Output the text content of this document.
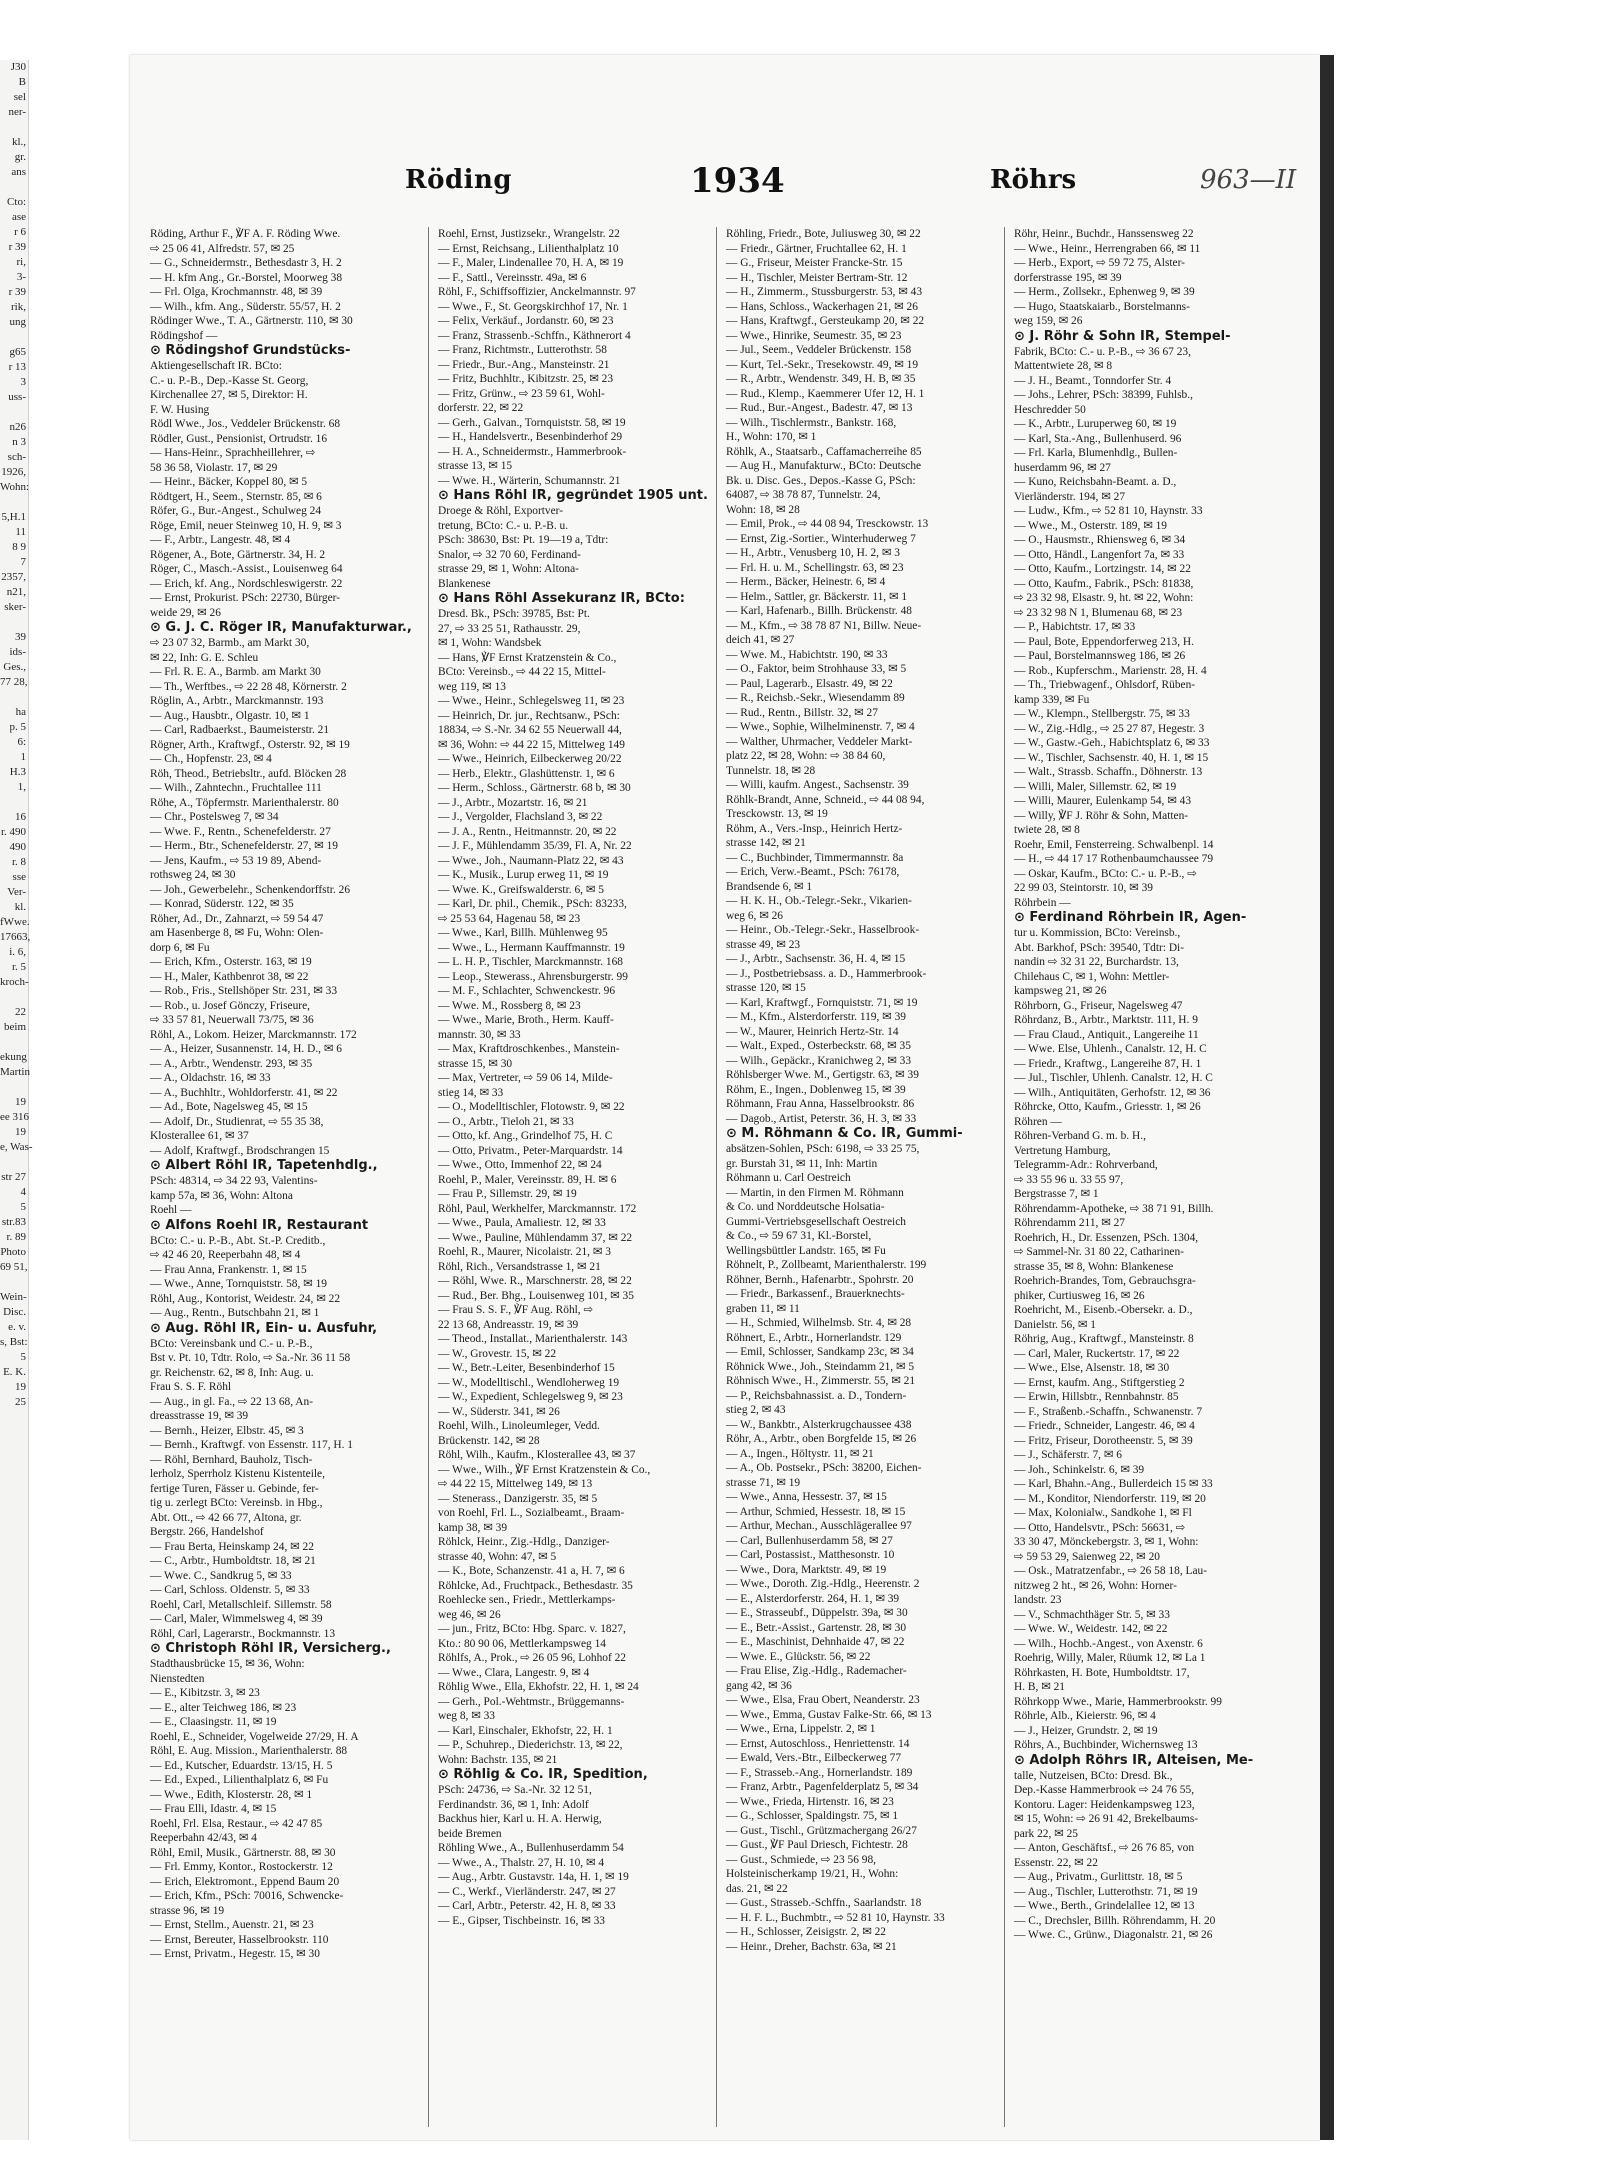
J30
B
sel
ner-

kl.,
gr.
ans

Cto:
ase
r 6
r 39
ri,
3-
r 39
rik,
ung

g65
r 13
3
uss-

n26
n 3
sch-
1926,
Wohn:

5,H.1
11
8 9
7
2357,
n21,
sker-

39
ids-
Ges.,
77 28,

ha
p. 5
6:
1
H.3
1,

16
r. 490
490
r. 8
sse
Ver-
kl.
fWwe.
17663,
i. 6,
r. 5
kroch-

22
beim

ekung
Martin

19
ee 316
19
e, Was-

str 27
4
5
str.83
r. 89
Photo
69 51,

Wein-
Disc.
e. v.
s, Bst:
5
E. K.
19
25
Röding	1934	Röhrs	963—II
Röding, Arthur F., ℣F A. F. Röding Wwe.
⇨ 25 06 41, Alfredstr. 57, ✉ 25
— G., Schneidermstr., Bethesdastr 3, H. 2
— H. kfm Ang., Gr.-Borstel, Moorweg 38
— Frl. Olga, Krochmannstr. 48, ✉ 39
— Wilh., kfm. Ang., Süderstr. 55/57, H. 2
Rödinger Wwe., T. A., Gärtnerstr. 110, ✉ 30
Rödingshof —
⊙ Rödingshof Grundstücks-
Aktiengesellschaft IR. BCto:
C.- u. P.-B., Dep.-Kasse St. Georg,
Kirchenallee 27, ✉ 5, Direktor: H.
F. W. Husing
Rödl Wwe., Jos., Veddeler Brückenstr. 68
Rödler, Gust., Pensionist, Ortrudstr. 16
— Hans-Heinr., Sprachheillehrer, ⇨
58 36 58, Violastr. 17, ✉ 29
— Heinr., Bäcker, Koppel 80, ✉ 5
Rödtgert, H., Seem., Sternstr. 85, ✉ 6
Röfer, G., Bur.-Angest., Schulweg 24
Röge, Emil, neuer Steinweg 10, H. 9, ✉ 3
— F., Arbtr., Langestr. 48, ✉ 4
Rögener, A., Bote, Gärtnerstr. 34, H. 2
Röger, C., Masch.-Assist., Louisenweg 64
— Erich, kf. Ang., Nordschleswigerstr. 22
— Ernst, Prokurist. PSch: 22730, Bürger-
weide 29, ✉ 26
⊙ G. J. C. Röger IR, Manufakturwar.,
⇨ 23 07 32, Barmb., am Markt 30,
✉ 22, Inh: G. E. Schleu
— Frl. R. E. A., Barmb. am Markt 30
— Th., Werftbes., ⇨ 22 28 48, Körnerstr. 2
Röglin, A., Arbtr., Marckmannstr. 193
— Aug., Hausbtr., Olgastr. 10, ✉ 1
— Carl, Radbaerkst., Baumeisterstr. 21
Rögner, Arth., Kraftwgf., Osterstr. 92, ✉ 19
— Ch., Hopfenstr. 23, ✉ 4
Röh, Theod., Betriebsltr., aufd. Blöcken 28
— Wilh., Zahntechn., Fruchtallee 111
Röhe, A., Töpfermstr. Marienthalerstr. 80
— Chr., Postelsweg 7, ✉ 34
— Wwe. F., Rentn., Schenefelderstr. 27
— Herm., Btr., Schenefelderstr. 27, ✉ 19
— Jens, Kaufm., ⇨ 53 19 89, Abend-
rothsweg 24, ✉ 30
— Joh., Gewerbelehr., Schenkendorffstr. 26
— Konrad, Süderstr. 122, ✉ 35
Röher, Ad., Dr., Zahnarzt, ⇨ 59 54 47
am Hasenberge 8, ✉ Fu, Wohn: Olen-
dorp 6, ✉ Fu
— Erich, Kfm., Osterstr. 163, ✉ 19
— H., Maler, Kathbenrot 38, ✉ 22
— Rob., Fris., Stellshöper Str. 231, ✉ 33
— Rob., u. Josef Gönczy, Friseure,
⇨ 33 57 81, Neuerwall 73/75, ✉ 36
Röhl, A., Lokom. Heizer, Marckmannstr. 172
— A., Heizer, Susannenstr. 14, H. D., ✉ 6
— A., Arbtr., Wendenstr. 293, ✉ 35
— A., Oldachstr. 16, ✉ 33
— A., Buchhltr., Wohldorferstr. 41, ✉ 22
— Ad., Bote, Nagelsweg 45, ✉ 15
— Adolf, Dr., Studienrat, ⇨ 55 35 38,
Klosterallee 61, ✉ 37
— Adolf, Kraftwgf., Brodschrangen 15
⊙ Albert Röhl IR, Tapetenhdlg.,
PSch: 48314, ⇨ 34 22 93, Valentins-
kamp 57a, ✉ 36, Wohn: Altona
Roehl —
⊙ Alfons Roehl IR, Restaurant
BCto: C.- u. P.-B., Abt. St.-P. Creditb.,
⇨ 42 46 20, Reeperbahn 48, ✉ 4
— Frau Anna, Frankenstr. 1, ✉ 15
— Wwe., Anne, Tornquiststr. 58, ✉ 19
Röhl, Aug., Kontorist, Weidestr. 24, ✉ 22
— Aug., Rentn., Butschbahn 21, ✉ 1
⊙ Aug. Röhl IR, Ein- u. Ausfuhr,
BCto: Vereinsbank und C.- u. P.-B.,
Bst v. Pt. 10, Tdtr. Rolo, ⇨ Sa.-Nr. 36 11 58
gr. Reichenstr. 62, ✉ 8, Inh: Aug. u.
Frau S. S. F. Röhl
— Aug., in gl. Fa., ⇨ 22 13 68, An-
dreasstrasse 19, ✉ 39
— Bernh., Heizer, Elbstr. 45, ✉ 3
— Bernh., Kraftwgf. von Essenstr. 117, H. 1
— Röhl, Bernhard, Bauholz, Tisch-
lerholz, Sperrholz Kistenu Kistenteile,
fertige Turen, Fässer u. Gebinde, fer-
tig u. zerlegt BCto: Vereinsb. in Hbg.,
Abt. Ott., ⇨ 42 66 77, Altona, gr.
Bergstr. 266, Handelshof
— Frau Berta, Heinskamp 24, ✉ 22
— C., Arbtr., Humboldtstr. 18, ✉ 21
— Wwe. C., Sandkrug 5, ✉ 33
— Carl, Schloss. Oldenstr. 5, ✉ 33
Roehl, Carl, Metallschleif. Sillemstr. 58
— Carl, Maler, Wimmelsweg 4, ✉ 39
Röhl, Carl, Lagerarstr., Bockmannstr. 13
⊙ Christoph Röhl IR, Versicherg.,
Stadthausbrücke 15, ✉ 36, Wohn:
Nienstedten
— E., Kibitzstr. 3, ✉ 23
— E., alter Teichweg 186, ✉ 23
— E., Claasingstr. 11, ✉ 19
Roehl, E., Schneider, Vogelweide 27/29, H. A
Röhl, E. Aug. Mission., Marienthalerstr. 88
— Ed., Kutscher, Eduardstr. 13/15, H. 5
— Ed., Exped., Lilienthalplatz 6, ✉ Fu
— Wwe., Edith, Klosterstr. 28, ✉ 1
— Frau Elli, Idastr. 4, ✉ 15
Roehl, Frl. Elsa, Restaur., ⇨ 42 47 85
Reeperbahn 42/43, ✉ 4
Röhl, Emil, Musik., Gärtnerstr. 88, ✉ 30
— Frl. Emmy, Kontor., Rostockerstr. 12
— Erich, Elektromont., Eppend Baum 20
— Erich, Kfm., PSch: 70016, Schwencke-
strasse 96, ✉ 19
— Ernst, Stellm., Auenstr. 21, ✉ 23
— Ernst, Bereuter, Hasselbrookstr. 110
— Ernst, Privatm., Hegestr. 15, ✉ 30
Roehl, Ernst, Justizsekr., Wrangelstr. 22
— Ernst, Reichsang., Lilienthalplatz 10
— F., Maler, Lindenallee 70, H. A, ✉ 19
— F., Sattl., Vereinsstr. 49a, ✉ 6
Röhl, F., Schiffsoffizier, Anckelmannstr. 97
— Wwe., F., St. Georgskirchhof 17, Nr. 1
— Felix, Verkäuf., Jordanstr. 60, ✉ 23
— Franz, Strassenb.-Schffn., Käthnerort 4
— Franz, Richtmstr., Lutterothstr. 58
— Friedr., Bur.-Ang., Mansteinstr. 21
— Fritz, Buchhltr., Kibitzstr. 25, ✉ 23
— Fritz, Grünw., ⇨ 23 59 61, Wohl-
dorferstr. 22, ✉ 22
— Gerh., Galvan., Tornquiststr. 58, ✉ 19
— H., Handelsvertr., Besenbinderhof 29
— H. A., Schneidermstr., Hammerbrook-
strasse 13, ✉ 15
— Wwe. H., Wärterin, Schumannstr. 21
⊙ Hans Röhl IR, gegründet 1905 unt.
Droege & Röhl, Exportver-
tretung, BCto: C.- u. P.-B. u.
PSch: 38630, Bst: Pt. 19—19 a, Tdtr:
Snalor, ⇨ 32 70 60, Ferdinand-
strasse 29, ✉ 1, Wohn: Altona-
Blankenese
⊙ Hans Röhl Assekuranz IR, BCto:
Dresd. Bk., PSch: 39785, Bst: Pt.
27, ⇨ 33 25 51, Rathausstr. 29,
✉ 1, Wohn: Wandsbek
— Hans, ℣F Ernst Kratzenstein & Co.,
BCto: Vereinsb., ⇨ 44 22 15, Mittel-
weg 119, ✉ 13
— Wwe., Heinr., Schlegelsweg 11, ✉ 23
— Heinrich, Dr. jur., Rechtsanw., PSch:
18834, ⇨ S.-Nr. 34 62 55 Neuerwall 44,
✉ 36, Wohn: ⇨ 44 22 15, Mittelweg 149
— Wwe., Heinrich, Eilbeckerweg 20/22
— Herb., Elektr., Glashüttenstr. 1, ✉ 6
— Herm., Schloss., Gärtnerstr. 68 b, ✉ 30
— J., Arbtr., Mozartstr. 16, ✉ 21
— J., Vergolder, Flachsland 3, ✉ 22
— J. A., Rentn., Heitmannstr. 20, ✉ 22
— J. F., Mühlendamm 35/39, Fl. A, Nr. 22
— Wwe., Joh., Naumann-Platz 22, ✉ 43
— K., Musik., Lurup erweg 11, ✉ 19
— Wwe. K., Greifswalderstr. 6, ✉ 5
— Karl, Dr. phil., Chemik., PSch: 83233,
⇨ 25 53 64, Hagenau 58, ✉ 23
— Wwe., Karl, Billh. Mühlenweg 95
— Wwe., L., Hermann Kauffmannstr. 19
— L. H. P., Tischler, Marckmannstr. 168
— Leop., Stewerass., Ahrensburgerstr. 99
— M. F., Schlachter, Schwenckestr. 96
— Wwe. M., Rossberg 8, ✉ 23
— Wwe., Marie, Broth., Herm. Kauff-
mannstr. 30, ✉ 33
— Max, Kraftdroschkenbes., Manstein-
strasse 15, ✉ 30
— Max, Vertreter, ⇨ 59 06 14, Milde-
stieg 14, ✉ 33
— O., Modelltischler, Flotowstr. 9, ✉ 22
— O., Arbtr., Tieloh 21, ✉ 33
— Otto, kf. Ang., Grindelhof 75, H. C
— Otto, Privatm., Peter-Marquardstr. 14
— Wwe., Otto, Immenhof 22, ✉ 24
Roehl, P., Maler, Vereinsstr. 89, H. ✉ 6
— Frau P., Sillemstr. 29, ✉ 19
Röhl, Paul, Werkhelfer, Marckmannstr. 172
— Wwe., Paula, Amaliestr. 12, ✉ 33
— Wwe., Pauline, Mühlendamm 37, ✉ 22
Roehl, R., Maurer, Nicolaistr. 21, ✉ 3
Röhl, Rich., Versandstrasse 1, ✉ 21
— Röhl, Wwe. R., Marschnerstr. 28, ✉ 22
— Rud., Ber. Bhg., Louisenweg 101, ✉ 35
— Frau S. S. F., ℣F Aug. Röhl, ⇨
22 13 68, Andreasstr. 19, ✉ 39
— Theod., Installat., Marienthalerstr. 143
— W., Grovestr. 15, ✉ 22
— W., Betr.-Leiter, Besenbinderhof 15
— W., Modelltischl., Wendloherweg 19
— W., Expedient, Schlegelsweg 9, ✉ 23
— W., Süderstr. 341, ✉ 26
Roehl, Wilh., Linoleumleger, Vedd.
Brückenstr. 142, ✉ 28
Röhl, Wilh., Kaufm., Klosterallee 43, ✉ 37
— Wwe., Wilh., ℣F Ernst Kratzenstein & Co.,
⇨ 44 22 15, Mittelweg 149, ✉ 13
— Stenerass., Danzigerstr. 35, ✉ 5
von Roehl, Frl. L., Sozialbeamt., Braam-
kamp 38, ✉ 39
Röhlck, Heinr., Zig.-Hdlg., Danziger-
strasse 40, Wohn: 47, ✉ 5
— K., Bote, Schanzenstr. 41 a, H. 7, ✉ 6
Röhlcke, Ad., Fruchtpack., Bethesdastr. 35
Roehlecke sen., Friedr., Mettlerkamps-
weg 46, ✉ 26
— jun., Fritz, BCto: Hbg. Sparc. v. 1827,
Kto.: 80 90 06, Mettlerkampsweg 14
Röhlfs, A., Prok., ⇨ 26 05 96, Lohhof 22
— Wwe., Clara, Langestr. 9, ✉ 4
Röhlig Wwe., Ella, Ekhofstr. 22, H. 1, ✉ 24
— Gerh., Pol.-Wehtmstr., Brüggemanns-
weg 8, ✉ 33
— Karl, Einschaler, Ekhofstr, 22, H. 1
— P., Schuhrep., Diederichstr. 13, ✉ 22,
Wohn: Bachstr. 135, ✉ 21
⊙ Röhlig & Co. IR, Spedition,
PSch: 24736, ⇨ Sa.-Nr. 32 12 51,
Ferdinandstr. 36, ✉ 1, Inh: Adolf
Backhus hier, Karl u. H. A. Herwig,
beide Bremen
Röhling Wwe., A., Bullenhuserdamm 54
— Wwe., A., Thalstr. 27, H. 10, ✉ 4
— Aug., Arbtr. Gustavstr. 14a, H. 1, ✉ 19
— C., Werkf., Vierländerstr. 247, ✉ 27
— Carl, Arbtr., Peterstr. 42, H. 8, ✉ 33
— E., Gipser, Tischbeinstr. 16, ✉ 33
Röhling, Friedr., Bote, Juliusweg 30, ✉ 22
— Friedr., Gärtner, Fruchtallee 62, H. 1
— G., Friseur, Meister Francke-Str. 15
— H., Tischler, Meister Bertram-Str. 12
— H., Zimmerm., Stussburgerstr. 53, ✉ 43
— Hans, Schloss., Wackerhagen 21, ✉ 26
— Hans, Kraftwgf., Gersteukamp 20, ✉ 22
— Wwe., Hinrike, Seumestr. 35, ✉ 23
— Jul., Seem., Veddeler Brückenstr. 158
— Kurt, Tel.-Sekr., Tresekowstr. 49, ✉ 19
— R., Arbtr., Wendenstr. 349, H. B, ✉ 35
— Rud., Klemp., Kaemmerer Ufer 12, H. 1
— Rud., Bur.-Angest., Badestr. 47, ✉ 13
— Wilh., Tischlermstr., Bankstr. 168,
H., Wohn: 170, ✉ 1
Röhlk, A., Staatsarb., Caffamacherreihe 85
— Aug H., Manufakturw., BCto: Deutsche
Bk. u. Disc. Ges., Depos.-Kasse G, PSch:
64087, ⇨ 38 78 87, Tunnelstr. 24,
Wohn: 18, ✉ 28
— Emil, Prok., ⇨ 44 08 94, Tresckowstr. 13
— Ernst, Zig.-Sortier., Winterhuderweg 7
— H., Arbtr., Venusberg 10, H. 2, ✉ 3
— Frl. H. u. M., Schellingstr. 63, ✉ 23
— Herm., Bäcker, Heinestr. 6, ✉ 4
— Helm., Sattler, gr. Bäckerstr. 11, ✉ 1
— Karl, Hafenarb., Billh. Brückenstr. 48
— M., Kfm., ⇨ 38 78 87 N1, Billw. Neue-
deich 41, ✉ 27
— Wwe. M., Habichtstr. 190, ✉ 33
— O., Faktor, beim Strohhause 33, ✉ 5
— Paul, Lagerarb., Elsastr. 49, ✉ 22
— R., Reichsb.-Sekr., Wiesendamm 89
— Rud., Rentn., Billstr. 32, ✉ 27
— Wwe., Sophie, Wilhelminenstr. 7, ✉ 4
— Walther, Uhrmacher, Veddeler Markt-
platz 22, ✉ 28, Wohn: ⇨ 38 84 60,
Tunnelstr. 18, ✉ 28
— Willi, kaufm. Angest., Sachsenstr. 39
Röhlk-Brandt, Anne, Schneid., ⇨ 44 08 94,
Tresckowstr. 13, ✉ 19
Röhm, A., Vers.-Insp., Heinrich Hertz-
strasse 142, ✉ 21
— C., Buchbinder, Timmermannstr. 8a
— Erich, Verw.-Beamt., PSch: 76178,
Brandsende 6, ✉ 1
— H. K. H., Ob.-Telegr.-Sekr., Vikarien-
weg 6, ✉ 26
— Heinr., Ob.-Telegr.-Sekr., Hasselbrook-
strasse 49, ✉ 23
— J., Arbtr., Sachsenstr. 36, H. 4, ✉ 15
— J., Postbetriebsass. a. D., Hammerbrook-
strasse 120, ✉ 15
— Karl, Kraftwgf., Fornquiststr. 71, ✉ 19
— M., Kfm., Alsterdorferstr. 119, ✉ 39
— W., Maurer, Heinrich Hertz-Str. 14
— Walt., Exped., Osterbeckstr. 68, ✉ 35
— Wilh., Gepäckr., Kranichweg 2, ✉ 33
Röhlsberger Wwe. M., Gertigstr. 63, ✉ 39
Röhm, E., Ingen., Doblenweg 15, ✉ 39
Röhmann, Frau Anna, Hasselbrookstr. 86
— Dagob., Artist, Peterstr. 36, H. 3, ✉ 33
⊙ M. Röhmann & Co. IR, Gummi-
absätzen-Sohlen, PSch: 6198, ⇨ 33 25 75,
gr. Burstah 31, ✉ 11, Inh: Martin
Röhmann u. Carl Oestreich
— Martin, in den Firmen M. Röhmann
& Co. und Norddeutsche Holsatia-
Gummi-Vertriebsgesellschaft Oestreich
& Co., ⇨ 59 67 31, Kl.-Borstel,
Wellingsbüttler Landstr. 165, ✉ Fu
Röhnelt, P., Zollbeamt, Marienthalerstr. 199
Röhner, Bernh., Hafenarbtr., Spohrstr. 20
— Friedr., Barkassenf., Brauerknechts-
graben 11, ✉ 11
— H., Schmied, Wilhelmsb. Str. 4, ✉ 28
Röhnert, E., Arbtr., Hornerlandstr. 129
— Emil, Schlosser, Sandkamp 23c, ✉ 34
Röhnick Wwe., Joh., Steindamm 21, ✉ 5
Röhnisch Wwe., H., Zimmerstr. 55, ✉ 21
— P., Reichsbahnassist. a. D., Tondern-
stieg 2, ✉ 43
— W., Bankbtr., Alsterkrugchaussee 438
Röhr, A., Arbtr., oben Borgfelde 15, ✉ 26
— A., Ingen., Höltystr. 11, ✉ 21
— A., Ob. Postsekr., PSch: 38200, Eichen-
strasse 71, ✉ 19
— Wwe., Anna, Hessestr. 37, ✉ 15
— Arthur, Schmied, Hessestr. 18, ✉ 15
— Arthur, Mechan., Ausschlägerallee 97
— Carl, Bullenhuserdamm 58, ✉ 27
— Carl, Postassist., Matthesonstr. 10
— Wwe., Dora, Marktstr. 49, ✉ 19
— Wwe., Doroth. Zig.-Hdlg., Heerenstr. 2
— E., Alsterdorferstr. 264, H. 1, ✉ 39
— E., Strasseubf., Düppelstr. 39a, ✉ 30
— E., Betr.-Assist., Gartenstr. 28, ✉ 30
— E., Maschinist, Dehnhaide 47, ✉ 22
— Wwe. E., Glückstr. 56, ✉ 22
— Frau Elise, Zig.-Hdlg., Rademacher-
gang 42, ✉ 36
— Wwe., Elsa, Frau Obert, Neanderstr. 23
— Wwe., Emma, Gustav Falke-Str. 66, ✉ 13
— Wwe., Erna, Lippelstr. 2, ✉ 1
— Ernst, Autoschloss., Henriettenstr. 14
— Ewald, Vers.-Btr., Eilbeckerweg 77
— F., Strasseb.-Ang., Hornerlandstr. 189
— Franz, Arbtr., Pagenfelderplatz 5, ✉ 34
— Wwe., Frieda, Hirtenstr. 16, ✉ 23
— G., Schlosser, Spaldingstr. 75, ✉ 1
— Gust., Tischl., Grützmachergang 26/27
— Gust., ℣F Paul Driesch, Fichtestr. 28
— Gust., Schmiede, ⇨ 23 56 98,
Holsteinischerkamp 19/21, H., Wohn:
das. 21, ✉ 22
— Gust., Strasseb.-Schffn., Saarlandstr. 18
— H. F. L., Buchmbtr., ⇨ 52 81 10, Haynstr. 33
— H., Schlosser, Zeisigstr. 2, ✉ 22
— Heinr., Dreher, Bachstr. 63a, ✉ 21
Röhr, Heinr., Buchdr., Hanssensweg 22
— Wwe., Heinr., Herrengraben 66, ✉ 11
— Herb., Export, ⇨ 59 72 75, Alster-
dorferstrasse 195, ✉ 39
— Herm., Zollsekr., Ephenweg 9, ✉ 39
— Hugo, Staatskaiarb., Borstelmanns-
weg 159, ✉ 26
⊙ J. Röhr & Sohn IR, Stempel-
Fabrik, BCto: C.- u. P.-B., ⇨ 36 67 23,
Mattentwiete 28, ✉ 8
— J. H., Beamt., Tonndorfer Str. 4
— Johs., Lehrer, PSch: 38399, Fuhlsb.,
Heschredder 50
— K., Arbtr., Luruperweg 60, ✉ 19
— Karl, Sta.-Ang., Bullenhuserd. 96
— Frl. Karla, Blumenhdlg., Bullen-
huserdamm 96, ✉ 27
— Kuno, Reichsbahn-Beamt. a. D.,
Vierländerstr. 194, ✉ 27
— Ludw., Kfm., ⇨ 52 81 10, Haynstr. 33
— Wwe., M., Osterstr. 189, ✉ 19
— O., Hausmstr., Rhiensweg 6, ✉ 34
— Otto, Händl., Langenfort 7a, ✉ 33
— Otto, Kaufm., Lortzingstr. 14, ✉ 22
— Otto, Kaufm., Fabrik., PSch: 81838,
⇨ 23 32 98, Elsastr. 9, ht. ✉ 22, Wohn:
⇨ 23 32 98 N 1, Blumenau 68, ✉ 23
— P., Habichtstr. 17, ✉ 33
— Paul, Bote, Eppendorferweg 213, H.
— Paul, Borstelmannsweg 186, ✉ 26
— Rob., Kupferschm., Marienstr. 28, H. 4
— Th., Triebwagenf., Ohlsdorf, Rüben-
kamp 339, ✉ Fu
— W., Klempn., Stellbergstr. 75, ✉ 33
— W., Zig.-Hdlg., ⇨ 25 27 87, Hegestr. 3
— W., Gastw.-Geh., Habichtsplatz 6, ✉ 33
— W., Tischler, Sachsenstr. 40, H. 1, ✉ 15
— Walt., Strassb. Schaffn., Döhnerstr. 13
— Willi, Maler, Sillemstr. 62, ✉ 19
— Willi, Maurer, Eulenkamp 54, ✉ 43
— Willy, ℣F J. Röhr & Sohn, Matten-
twiete 28, ✉ 8
Roehr, Emil, Fensterreing. Schwalbenpl. 14
— H., ⇨ 44 17 17 Rothenbaumchaussee 79
— Oskar, Kaufm., BCto: C.- u. P.-B., ⇨
22 99 03, Steintorstr. 10, ✉ 39
Röhrbein —
⊙ Ferdinand Röhrbein IR, Agen-
tur u. Kommission, BCto: Vereinsb.,
Abt. Barkhof, PSch: 39540, Tdtr: Di-
nandin ⇨ 32 31 22, Burchardstr. 13,
Chilehaus C, ✉ 1, Wohn: Mettler-
kampsweg 21, ✉ 26
Röhrborn, G., Friseur, Nagelsweg 47
Röhrdanz, B., Arbtr., Marktstr. 111, H. 9
— Frau Claud., Antiquit., Langereihe 11
— Wwe. Else, Uhlenh., Canalstr. 12, H. C
— Friedr., Kraftwg., Langereihe 87, H. 1
— Jul., Tischler, Uhlenh. Canalstr. 12, H. C
— Wilh., Antiquitäten, Gerhofstr. 12, ✉ 36
Röhrcke, Otto, Kaufm., Griesstr. 1, ✉ 26
Röhren —
Röhren-Verband G. m. b. H.,
Vertretung Hamburg,
Telegramm-Adr.: Rohrverband,
⇨ 33 55 96 u. 33 55 97,
Bergstrasse 7, ✉ 1
Röhrendamm-Apotheke, ⇨ 38 71 91, Billh.
Röhrendamm 211, ✉ 27
Roehrich, H., Dr. Essenzen, PSch. 1304,
⇨ Sammel-Nr. 31 80 22, Catharinen-
strasse 35, ✉ 8, Wohn: Blankenese
Roehrich-Brandes, Tom, Gebrauchsgra-
phiker, Curtiusweg 16, ✉ 26
Roehricht, M., Eisenb.-Obersekr. a. D.,
Danielstr. 56, ✉ 1
Röhrig, Aug., Kraftwgf., Mansteinstr. 8
— Carl, Maler, Ruckertstr. 17, ✉ 22
— Wwe., Else, Alsenstr. 18, ✉ 30
— Ernst, kaufm. Ang., Stiftgerstieg 2
— Erwin, Hillsbtr., Rennbahnstr. 85
— F., Straßenb.-Schaffn., Schwanenstr. 7
— Friedr., Schneider, Langestr. 46, ✉ 4
— Fritz, Friseur, Dorotheenstr. 5, ✉ 39
— J., Schäferstr. 7, ✉ 6
— Joh., Schinkelstr. 6, ✉ 39
— Karl, Bhahn.-Ang., Bullerdeich 15 ✉ 33
— M., Konditor, Niendorferstr. 119, ✉ 20
— Max, Kolonialw., Sandkohe 1, ✉ Fl
— Otto, Handelsvtr., PSch: 56631, ⇨
33 30 47, Mönckebergstr. 3, ✉ 1, Wohn:
⇨ 59 53 29, Saienweg 22, ✉ 20
— Osk., Matratzenfabr., ⇨ 26 58 18, Lau-
nitzweg 2 ht., ✉ 26, Wohn: Horner-
landstr. 23
— V., Schmachthäger Str. 5, ✉ 33
— Wwe. W., Weidestr. 142, ✉ 22
— Wilh., Hochb.-Angest., von Axenstr. 6
Roehrig, Willy, Maler, Rüumk 12, ✉ La 1
Röhrkasten, H. Bote, Humboldtstr. 17,
H. B, ✉ 21
Röhrkopp Wwe., Marie, Hammerbrookstr. 99
Röhrle, Alb., Kieierstr. 96, ✉ 4
— J., Heizer, Grundstr. 2, ✉ 19
Röhrs, A., Buchbinder, Wichernsweg 13
⊙ Adolph Röhrs IR, Alteisen, Me-
talle, Nutzeisen, BCto: Dresd. Bk.,
Dep.-Kasse Hammerbrook ⇨ 24 76 55,
Kontoru. Lager: Heidenkampsweg 123,
✉ 15, Wohn: ⇨ 26 91 42, Brekelbaums-
park 22, ✉ 25
— Anton, Geschäftsf., ⇨ 26 76 85, von
Essenstr. 22, ✉ 22
— Aug., Privatm., Gurlittstr. 18, ✉ 5
— Aug., Tischler, Lutterothstr. 71, ✉ 19
— Wwe., Berth., Grindelallee 12, ✉ 13
— C., Drechsler, Billh. Röhrendamm, H. 20
— Wwe. C., Grünw., Diagonalstr. 21, ✉ 26
